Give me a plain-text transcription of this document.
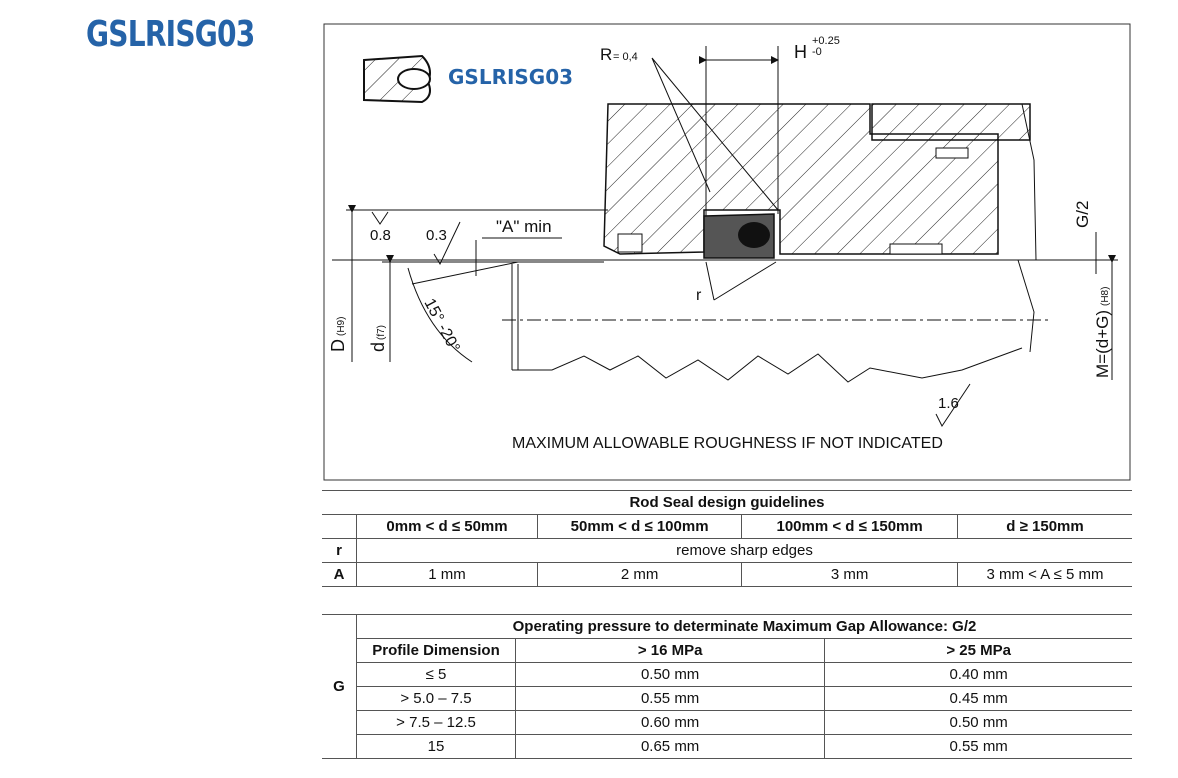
GSLRISG03
GSLRISG03
R = 0,4	H
+0.25
-0
0.8 0.3
1.6
"A" min
r
15° -20°
D
(H9)
d
(f7)
G/2
M=(d+G)
(H8)
MAXIMUM ALLOWABLE ROUGHNESS IF NOT INDICATED
Rod Seal design guidelines				
	0mm < d ≤ 50mm	50mm < d ≤ 100mm	100mm < d ≤ 150mm	d ≥ 150mm
r	remove sharp edges			
A	1 mm	2 mm	3 mm	3 mm < A ≤ 5 mm
G	Operating pressure to determinate Maximum Gap Allowance: G/2		
	Profile Dimension	> 16 MPa	> 25 MPa
	≤ 5	0.50 mm	0.40 mm
	> 5.0 – 7.5	0.55 mm	0.45 mm
	> 7.5 – 12.5	0.60 mm	0.50 mm
	15	0.65 mm	0.55 mm
